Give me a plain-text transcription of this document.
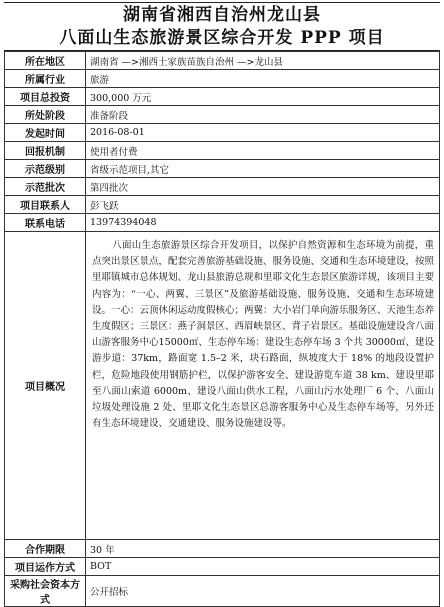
湖南省湘西自治州龙山县
八面山生态旅游景区综合开发 PPP 项目
所在地区	湖南省 —>湘西土家族苗族自治州 —>龙山县
所属行业	旅游
项目总投资	300,000 万元
所处阶段	准备阶段
发起时间	2016-08-01
回报机制	使用者付费
示范级别	省级示范项目,其它
示范批次	第四批次
项目联系人	彭飞跃
联系电话	13974394048
项目概况	八面山生态旅游景区综合开发项目，以保护自然资源和生态环境为前提，重点突出景区景点，配套完善旅游基础设施、服务设施、交通和生态环境建设，按照里耶镇城市总体规划、龙山县旅游总规和里耶文化生态景区旅游详规，该项目主要内容为：“一心、两翼、三景区”及旅游基础设施、服务设施、交通和生态环境建设。一心：云顶休闲运动度假核心；两翼：大小岩门单向游乐服务区、天池生态养生度假区；三景区：燕子洞景区、西眉峡景区、背子岩景区。基础设施建设含八面山游客服务中心15000㎡、生态停车场：建设生态停车场 3 个共 30000㎡、建设游步道：37km，路面宽 1.5–2 米，块石路面，纵坡度大于 18% 的地段设置护栏，危险地段使用钢筋护栏，以保护游客安全、建设游览车道 38 km、建设里耶至八面山索道 6000m、建设八面山供水工程，八面山污水处理厂 6 个、八面山垃圾处理设施 2 处、里耶文化生态景区总游客服务中心及生态停车场等，另外还有生态环境建设、交通建设、服务设施建设等。
合作期限	30 年
项目运作方式	BOT
采购社会资本方式	公开招标
